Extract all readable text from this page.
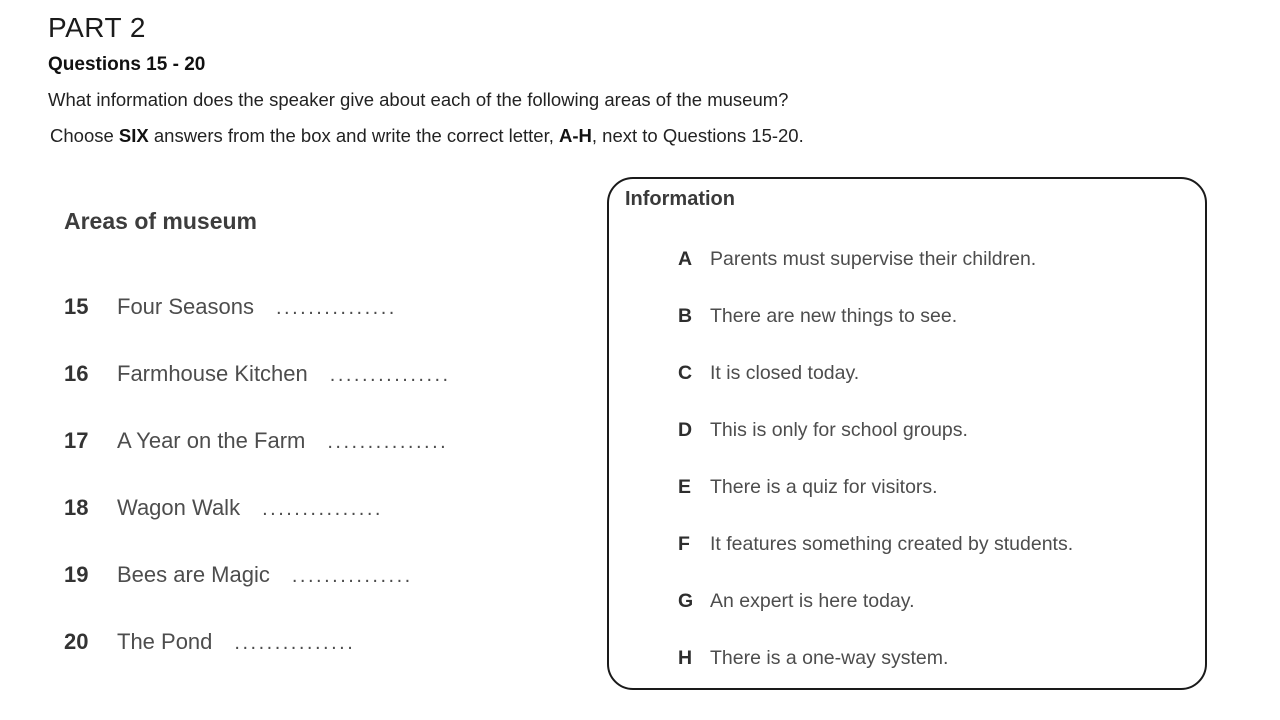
PART 2
Questions 15 - 20
What information does the speaker give about each of the following areas of the museum?
Choose SIX answers from the box and write the correct letter, A-H, next to Questions 15-20.
Areas of museum
15	Four Seasons ...............
16	Farmhouse Kitchen ...............
17	A Year on the Farm ...............
18	Wagon Walk ...............
19	Bees are Magic ...............
20	The Pond ...............
Information
A Parents must supervise their children.
B There are new things to see.
C It is closed today.
D This is only for school groups.
E There is a quiz for visitors.
F	It features something created by students.
G An expert is here today.
H There is a one-way system.
